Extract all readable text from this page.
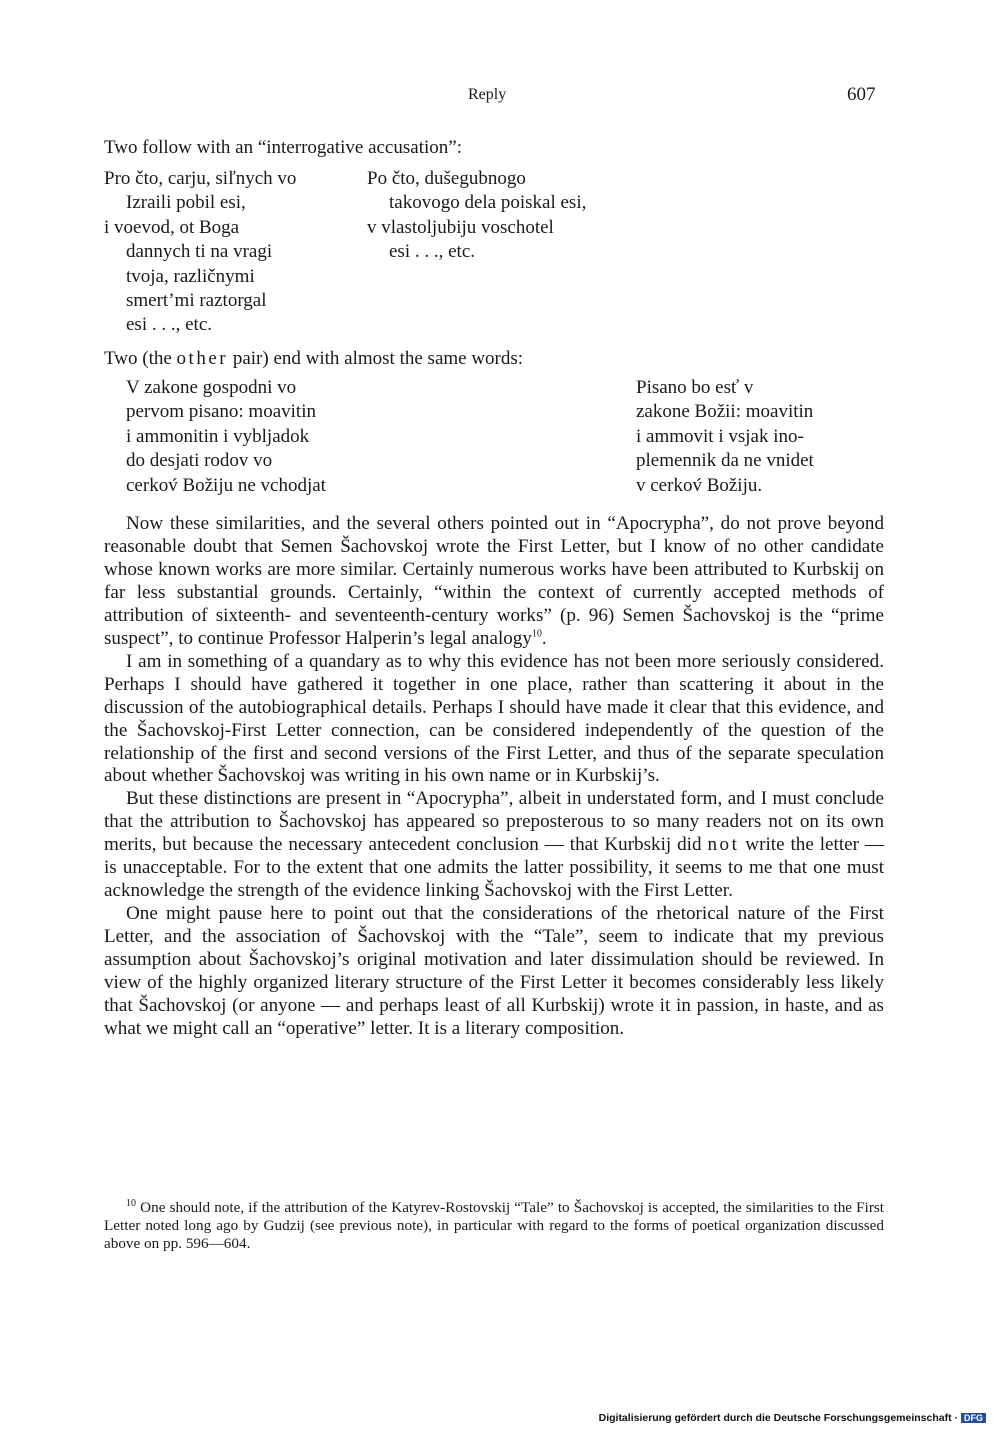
Reply	607
Two follow with an “interrogative accusation”:
Pro čto, carju, siľnych vo
Izraili pobil esi,
i voevod, ot Boga
dannych ti na vragi
tvoja, različnymi
smert’mi raztorgal
esi . . ., etc.
Po čto, dušegubnogo
takovogo dela poiskal esi,
v vlastoljubiju voschotel
esi . . ., etc.
Two (the other pair) end with almost the same words:
V zakone gospodni vo
pervom pisano: moavitin
i ammonitin i vybljadok
do desjati rodov vo
cerkov́ Božiju ne vchodjat
Pisano bo esť v
zakone Božii: moavitin
i ammovit i vsjak ino-
plemennik da ne vnidet
v cerkov́ Božiju.

Now these similarities, and the several others pointed out in “Apocrypha”, do not prove beyond reasonable doubt that Semen Šachovskoj wrote the First Letter, but I know of no other candidate whose known works are more similar. Certainly numerous works have been attributed to Kurbskij on far less substantial grounds. Certainly, “within the context of currently accepted methods of attribution of sixteenth- and seventeenth-century works” (p. 96) Semen Šachovskoj is the “prime suspect”, to continue Professor Halperin’s legal analogy$^{10}$.

I am in something of a quandary as to why this evidence has not been more seriously considered. Perhaps I should have gathered it together in one place, rather than scattering it about in the discussion of the autobiographical details. Perhaps I should have made it clear that this evidence, and the Šachovskoj-First Letter connection, can be considered independently of the question of the relationship of the first and second versions of the First Letter, and thus of the separate speculation about whether Šachovskoj was writing in his own name or in Kurbskij’s.

But these distinctions are present in “Apocrypha”, albeit in understated form, and I must conclude that the attribution to Šachovskoj has appeared so preposterous to so many readers not on its own merits, but because the necessary antecedent conclusion — that Kurbskij did not write the letter — is unacceptable. For to the extent that one admits the latter possibility, it seems to me that one must acknowledge the strength of the evidence linking Šachovskoj with the First Letter.

One might pause here to point out that the considerations of the rhetorical nature of the First Letter, and the association of Šachovskoj with the “Tale”, seem to indicate that my previous assumption about Šachovskoj’s original motivation and later dissimulation should be reviewed. In view of the highly organized literary structure of the First Letter it becomes considerably less likely that Šachovskoj (or anyone — and perhaps least of all Kurbskij) wrote it in passion, in haste, and as what we might call an “operative” letter. It is a literary composition.

$^{10}$ One should note, if the attribution of the Katyrev-Rostovskij “Tale” to Šachovskoj is accepted, the similarities to the First Letter noted long ago by Gudzij (see previous note), in particular with regard to the forms of poetical organization discussed above on pp. 596—604.
Digitalisierung gefördert durch die Deutsche Forschungsgemeinschaft · DFG
